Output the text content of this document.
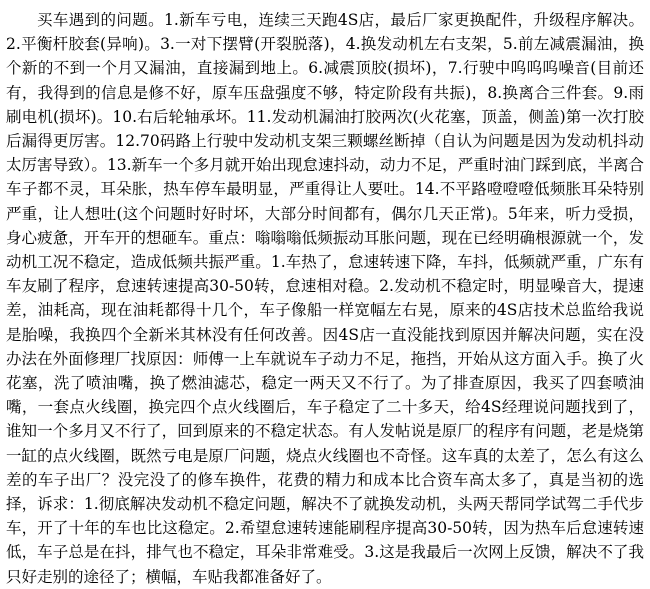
买车遇到的问题。1.新车亏电，连续三天跑4S店，最后厂家更换配件，升级程序解决。2.平衡杆胶套(异响)。3.一对下摆臂(开裂脱落)，4.换发动机左右支架，5.前左减震漏油，换个新的不到一个月又漏油，直接漏到地上。6.减震顶胶(损坏)，7.行驶中呜呜呜噪音(目前还有，我得到的信息是修不好，原车压盘强度不够，特定阶段有共振)，8.换离合三件套。9.雨刷电机(损坏)。10.右后轮轴承坏。11.发动机漏油打胶两次(火花塞，顶盖，侧盖)第一次打胶后漏得更厉害。12.70码路上行驶中发动机支架三颗螺丝断掉（自认为问题是因为发动机抖动太厉害导致）。13.新车一个多月就开始出现怠速抖动，动力不足，严重时油门踩到底，半离合车子都不灵，耳朵胀，热车停车最明显，严重得让人要吐。14.不平路噔噔噔低频胀耳朵特别严重，让人想吐(这个问题时好时坏，大部分时间都有，偶尔几天正常)。5年来，听力受损，身心疲惫，开车开的想砸车。重点：嗡嗡嗡低频振动耳胀问题，现在已经明确根源就一个，发动机工况不稳定，造成低频共振严重。1.车热了，怠速转速下降，车抖，低频就严重，广东有车友刷了程序，怠速转速提高30-50转，怠速相对稳。2.发动机不稳定时，明显噪音大，提速差，油耗高，现在油耗都得十几个，车子像船一样宽幅左右晃，原来的4S店技术总监给我说是胎噪，我换四个全新米其林没有任何改善。因4S店一直没能找到原因并解决问题，实在没办法在外面修理厂找原因：师傅一上车就说车子动力不足，拖挡，开始从这方面入手。换了火花塞，洗了喷油嘴，换了燃油滤芯，稳定一两天又不行了。为了排查原因，我买了四套喷油嘴，一套点火线圈，换完四个点火线圈后，车子稳定了二十多天，给4S经理说问题找到了，谁知一个多月又不行了，回到原来的不稳定状态。有人发帖说是原厂的程序有问题，老是烧第一缸的点火线圈，既然亏电是原厂问题，烧点火线圈也不奇怪。这车真的太差了，怎么有这么差的车子出厂？没完没了的修车换件，花费的精力和成本比合资车高太多了，真是当初的选择，诉求：1.彻底解决发动机不稳定问题，解决不了就换发动机，头两天帮同学试驾二手代步车，开了十年的车也比这稳定。2.希望怠速转速能刷程序提高30-50转，因为热车后怠速转速低，车子总是在抖，排气也不稳定，耳朵非常难受。3.这是我最后一次网上反馈，解决不了我只好走别的途径了；横幅，车贴我都准备好了。
